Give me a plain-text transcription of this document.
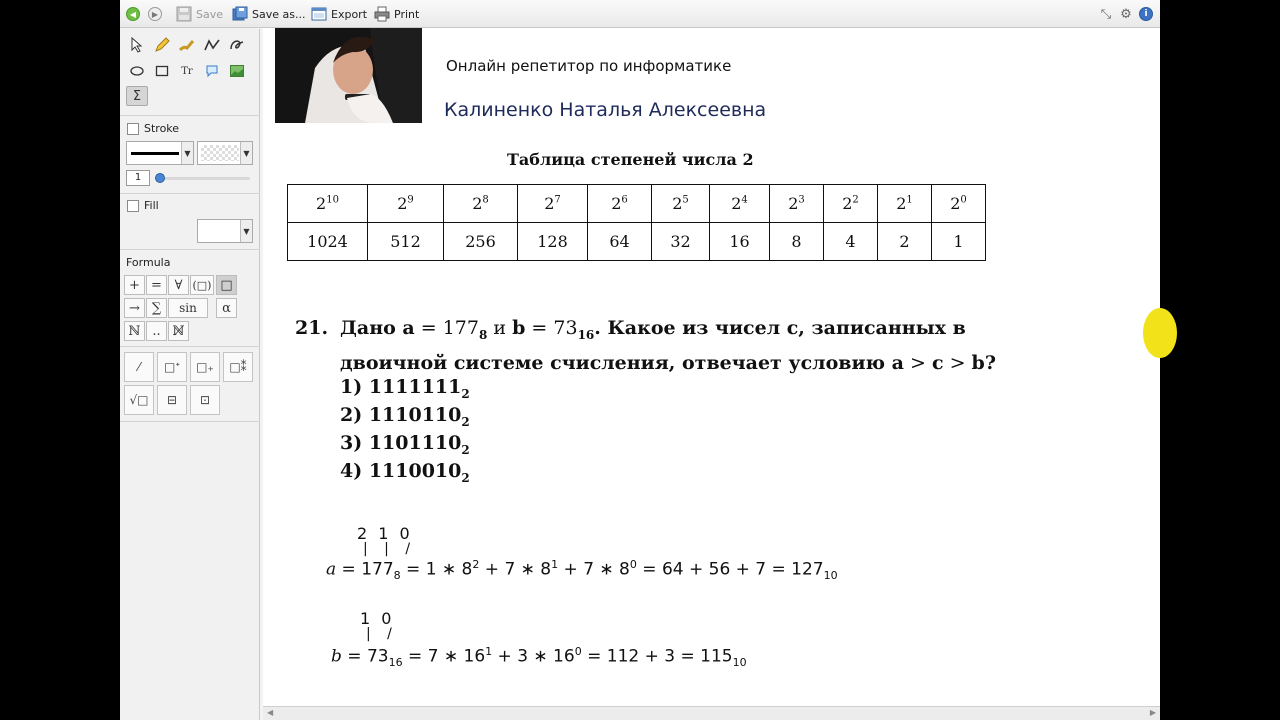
◀	▶	Save	Save as... Export Print	⤡ ⚙	i
Tr
Σ
Stroke
▼	▼
1
Fill
▼
Formula
+ = ∀ (□) □
→ ∑	sin	α
ℕ .. ℕ̸
⁄ □ᐩ □₊ □⁑
√□ ⊟ ⊡
Онлайн репетитор по информатике
Калиненко Наталья Алексеевна
Таблица степеней числа 2
$2^{10}$	$2^9$	$2^8$	$2^7$	$2^6$	$2^5$	$2^4$	$2^3$	$2^2$	$2^1$	$2^0$
1024	512	256	128	64	32	16	8	4	2	1
21. Дано $a = 177_8$ и $b = 73_{16}$. Какое из чисел c, записанных в двоичной системе счисления, отвечает условию a > c > b?
1) $1111111_2$
2) $1110110_2$
3) $1101110_2$
4) $1110010_2$
2 1 0
| | /
$a = 177_8 = 1$ ∗ $8^2 + 7$ ∗ $8^1 + 7$ ∗ $8^0 = 64 + 56 + 7 = 127_{10}$
1 0
| /
$b = 73_{16} = 7$ ∗ $16^1 + 3$ ∗ $16^0 = 112 + 3 = 115_{10}$
◀	▶
